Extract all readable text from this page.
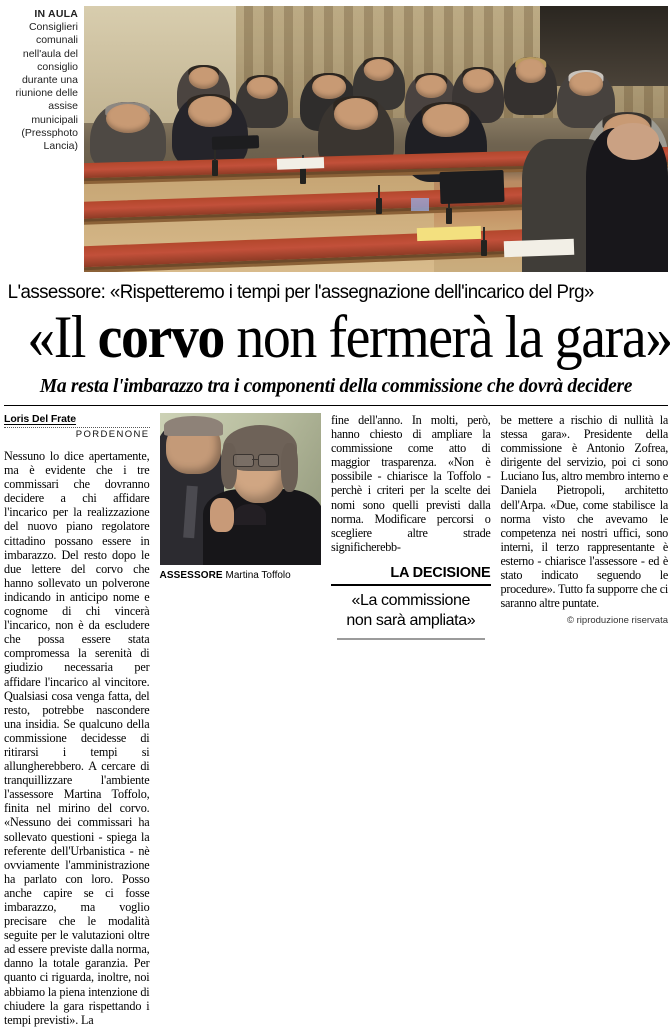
IN AULA Consiglieri comunali nell'aula del consiglio durante una riunione delle assise municipali (Pressphoto Lancia)
L'assessore: «Rispetteremo i tempi per l'assegnazione dell'incarico del Prg»
«Il corvo non fermerà la gara»
Ma resta l'imbarazzo tra i componenti della commissione che dovrà decidere
Loris Del Frate
PORDENONE
Nessuno lo dice apertamente, ma è evidente che i tre commissari che dovranno decidere a chi affidare l'incarico per la realizzazione del nuovo piano regolatore cittadino possano essere in imbarazzo. Del resto dopo le due lettere del corvo che hanno sollevato un polverone indicando in anticipo nome e cognome di chi vincerà l'incarico, non è da escludere che possa essere stata compromessa la serenità di giudizio necessaria per affidare l'incarico al vincitore. Qualsiasi cosa venga fatta, del resto, potrebbe nascondere una insidia. Se qualcuno della commissione decidesse di ritirarsi i tempi si allungherebbero. A cercare di tranquillizzare l'ambiente l'assessore Martina Toffolo, finita nel mirino del corvo. «Nessuno dei commissari ha sollevato questioni - spiega la referente dell'Urbanistica - nè ovviamente l'amministrazione ha parlato con loro. Posso anche capire se ci fosse imbarazzo, ma voglio precisare che le modalità seguite per le valutazioni oltre ad essere previste dalla norma, danno la totale garanzia. Per quanto ci riguarda, inoltre, noi abbiamo la piena intenzione di chiudere la gara rispettando i tempi previsti». La
ASSESSORE Martina Toffolo
fine dell'anno. In molti, però, hanno chiesto di ampliare la commissione come atto di maggior trasparenza. «Non è possibile - chiarisce la Toffolo - perchè i criteri per la scelte dei nomi sono quelli previsti dalla norma. Modificare percorsi o scegliere altre strade significherebb-
LA DECISIONE
«La commissione
non sarà ampliata»
be mettere a rischio di nullità la stessa gara». Presidente della commissione è Antonio Zofrea, dirigente del servizio, poi ci sono Luciano Ius, altro membro interno e Daniela Pietropoli, architetto dell'Arpa. «Due, come stabilisce la norma visto che avevamo le competenza nei nostri uffici, sono interni, il terzo rappresentante è esterno - chiarisce l'assessore - ed è stato indicato seguendo le procedure». Tutto fa supporre che ci saranno altre puntate.
© riproduzione riservata
